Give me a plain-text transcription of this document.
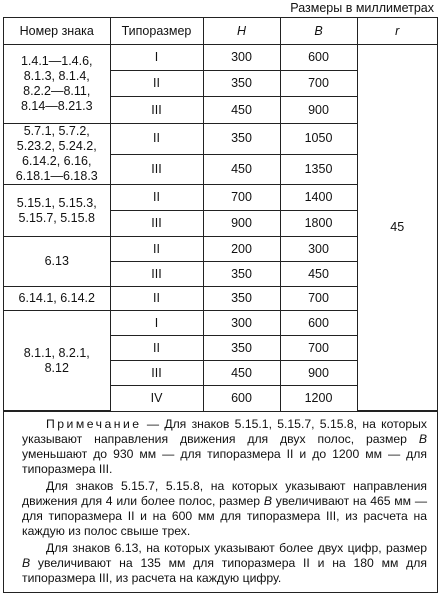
Размеры в миллиметрах
Номер знака	Типоразмер	H	B	r

1.4.1—1.4.6,
8.1.3, 8.1.4,
8.2.2—8.11,
8.14—8.21.3	I	300	600	45
	II	350	700	
	III	450	900	

5.7.1, 5.7.2,
5.23.2, 5.24.2,
6.14.2, 6.16,
6.18.1—6.18.3	II	350	1050	
	III	450	1350	

5.15.1, 5.15.3,
5.15.7, 5.15.8	II	700	1400	
	III	900	1800	

6.13	II	200	300	
	III	350	450	

6.14.1, 6.14.2	II	350	700	

8.1.1, 8.2.1,
8.12	I	300	600	
	II	350	700	
	III	450	900	
	IV	600	1200	

Примечание — Для знаков 5.15.1, 5.15.7, 5.15.8, на которых указывают направления движения для двух полос, размер B уменьшают до 930 мм — для типоразмера II и до 1200 мм — для типоразмера III.

Для знаков 5.15.7, 5.15.8, на которых указывают направления движения для 4 или более полос, размер B увеличивают на 465 мм — для типоразмера II и на 600 мм для типоразмера III, из расчета на каждую из полос свыше трех.

Для знаков 6.13, на которых указывают более двух цифр, размер B увеличивают на 135 мм для типоразмера II и на 180 мм для типоразмера III, из расчета на каждую цифру.
